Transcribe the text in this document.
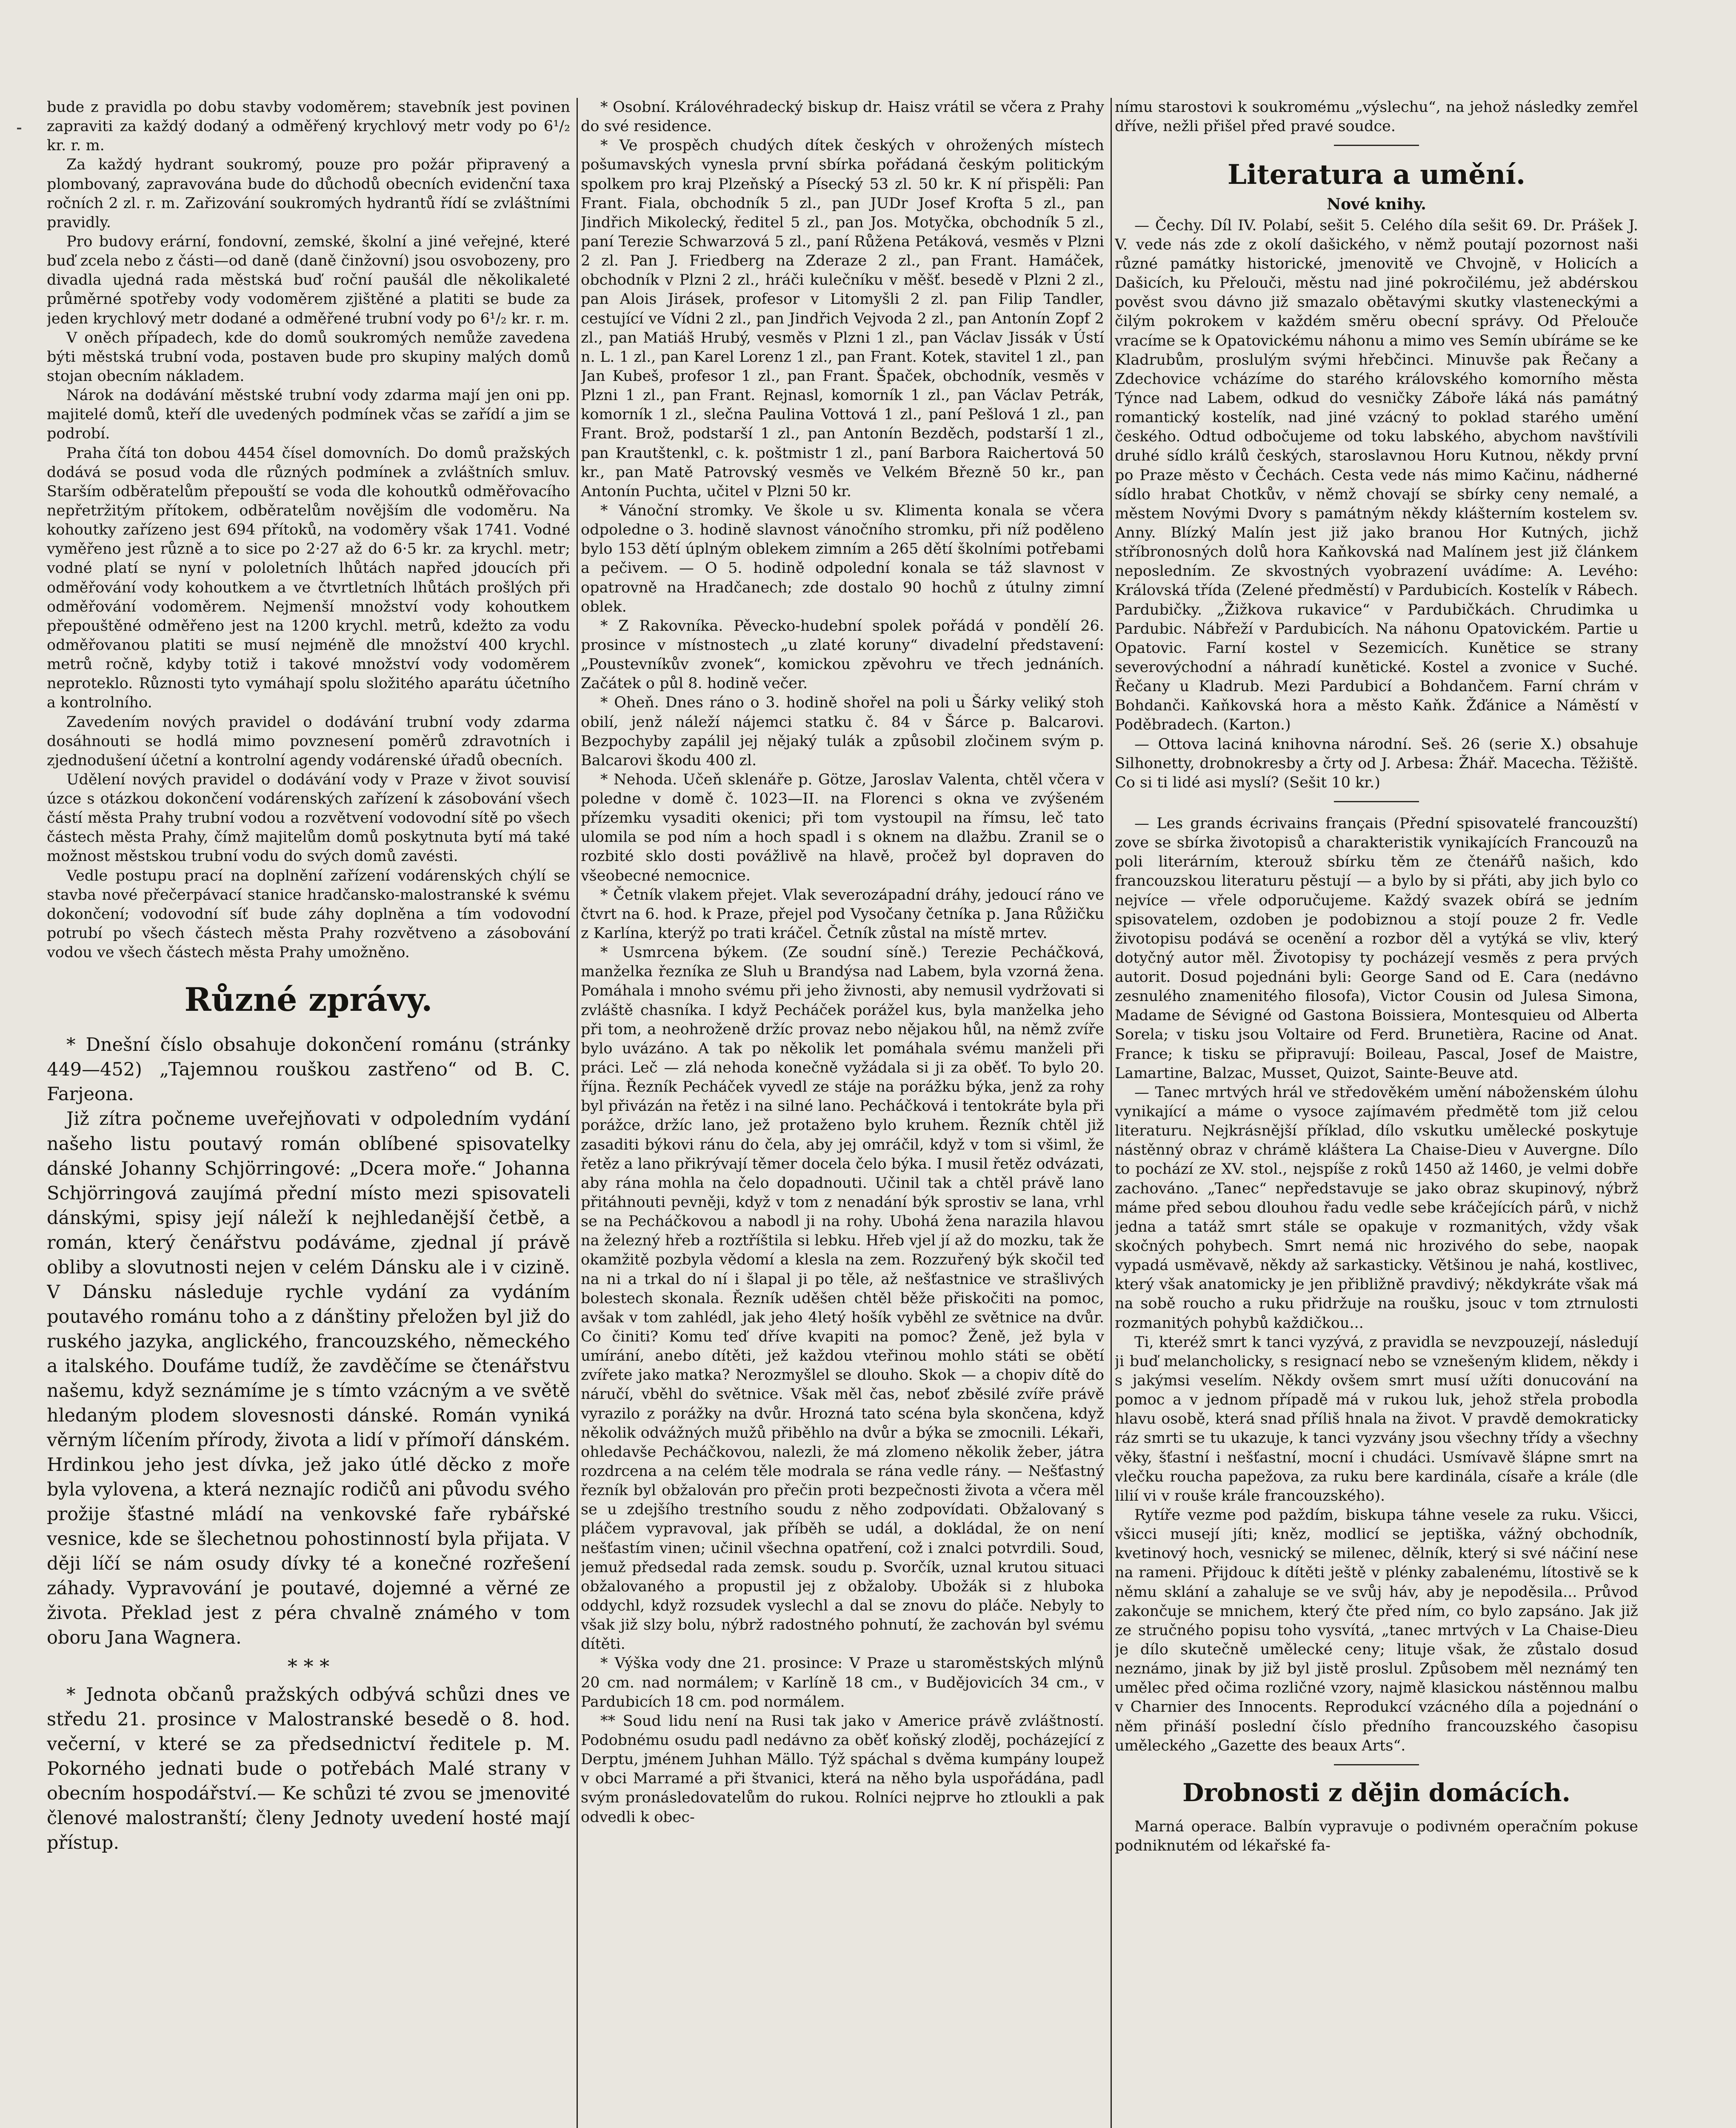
bude z pravidla po dobu stavby vodoměrem; stavebník jest povinen zapraviti za každý dodaný a odměřený krychlový metr vody po 6¹/₂ kr. r. m.

Za každý hydrant soukromý, pouze pro požár připravený a plombovaný, zapravována bude do důchodů obecních evidenční taxa ročních 2 zl. r. m. Zařizování soukromých hydrantů řídí se zvláštními pravidly.

Pro budovy erární, fondovní, zemské, školní a jiné veřejné, které buď zcela nebo z části—od daně (daně činžovní) jsou osvobozeny, pro divadla ujedná rada městská buď roční paušál dle několikaleté průměrné spotřeby vody vodoměrem zjištěné a platiti se bude za jeden krychlový metr dodané a odměřené trubní vody po 6¹/₂ kr. r. m.

V oněch případech, kde do domů soukromých nemůže zavedena býti městská trubní voda, postaven bude pro skupiny malých domů stojan obecním nákladem.

Nárok na dodávání městské trubní vody zdarma mají jen oni pp. majitelé domů, kteří dle uvedených podmínek včas se zařídí a jim se podrobí.

Praha čítá ton dobou 4454 čísel domovních. Do domů pražských dodává se posud voda dle různých podmínek a zvláštních smluv. Starším odběratelům přepouští se voda dle kohoutků odměřovacího nepřetržitým přítokem, odběratelům novějším dle vodoměru. Na kohoutky zařízeno jest 694 přítoků, na vodoměry však 1741. Vodné vyměřeno jest různě a to sice po 2·27 až do 6·5 kr. za krychl. metr; vodné platí se nyní v pololetních lhůtách napřed jdoucích při odměřování vody kohoutkem a ve čtvrtletních lhůtách prošlých při odměřování vodoměrem. Nejmenší množství vody kohoutkem přepouštěné odměřeno jest na 1200 krychl. metrů, kdežto za vodu odměřovanou platiti se musí nejméně dle množství 400 krychl. metrů ročně, kdyby totiž i takové množství vody vodoměrem neproteklo. Různosti tyto vymáhají spolu složitého aparátu účetního a kontrolního.

Zavedením nových pravidel o dodávání trubní vody zdarma dosáhnouti se hodlá mimo povznesení poměrů zdravotních i zjednodušení účetní a kontrolní agendy vodárenské úřadů obecních.

Udělení nových pravidel o dodávání vody v Praze v život souvisí úzce s otázkou dokončení vodárenských zařízení k zásobování všech částí města Prahy trubní vodou a rozvětvení vodovodní sítě po všech částech města Prahy, čímž majitelům domů poskytnuta bytí má také možnost městskou trubní vodu do svých domů zavésti.

Vedle postupu prací na doplnění zařízení vodárenských chýlí se stavba nové přečerpávací stanice hradčansko-malostranské k svému dokončení; vodovodní síť bude záhy doplněna a tím vodovodní potrubí po všech částech města Prahy rozvětveno a zásobování vodou ve všech částech města Prahy umožněno.

Různé zprávy.

* Dnešní číslo obsahuje dokončení románu (stránky 449—452) „Tajemnou rouškou zastřeno“ od B. C. Farjeona.

Již zítra počneme uveřejňovati v odpoledním vydání našeho listu poutavý román oblíbené spisovatelky dánské Johanny Schjörringové: „Dcera moře.“ Johanna Schjörringová zaujímá přední místo mezi spisovateli dánskými, spisy její náleží k nejhledanější četbě, a román, který čenářstvu podáváme, zjednal jí právě obliby a slovutnosti nejen v celém Dánsku ale i v cizině. V Dánsku následuje rychle vydání za vydáním poutavého románu toho a z dánštiny přeložen byl již do ruského jazyka, anglického, francouzského, německého a italského. Doufáme tudíž, že zavděčíme se čtenářstvu našemu, když seznámíme je s tímto vzácným a ve světě hledaným plodem slovesnosti dánské. Román vyniká věrným líčením přírody, života a lidí v přímoří dánském. Hrdinkou jeho jest dívka, jež jako útlé děcko z moře byla vylovena, a která neznajíc rodičů ani původu svého prožije šťastné mládí na venkovské faře rybářské vesnice, kde se šlechetnou pohostinností byla přijata. V ději líčí se nám osudy dívky té a konečné rozřešení záhady. Vypravování je poutavé, dojemné a věrné ze života. Překlad jest z péra chvalně známého v tom oboru Jana Wagnera.

* * *

* Jednota občanů pražských odbývá schůzi dnes ve středu 21. prosince v Malostranské besedě o 8. hod. večerní, v které se za předsednictví ředitele p. M. Pokorného jednati bude o potřebách Malé strany v obecním hospodářství.— Ke schůzi té zvou se jmenovité členové malostranští; členy Jednoty uvedení hosté mají přístup.

* Osobní. Královéhradecký biskup dr. Haisz vrátil se včera z Prahy do své residence.

* Ve prospěch chudých dítek českých v ohrožených místech pošumavských vynesla první sbírka pořádaná českým politickým spolkem pro kraj Plzeňský a Písecký 53 zl. 50 kr. K ní přispěli: Pan Frant. Fiala, obchodník 5 zl., pan JUDr Josef Krofta 5 zl., pan Jindřich Mikolecký, ředitel 5 zl., pan Jos. Motyčka, obchodník 5 zl., paní Terezie Schwarzová 5 zl., paní Růžena Petáková, vesměs v Plzni 2 zl. Pan J. Friedberg na Zderaze 2 zl., pan Frant. Hamáček, obchodník v Plzni 2 zl., hráči kulečníku v měšť. besedě v Plzni 2 zl., pan Alois Jirásek, profesor v Litomyšli 2 zl. pan Filip Tandler, cestující ve Vídni 2 zl., pan Jindřich Vejvoda 2 zl., pan Antonín Zopf 2 zl., pan Matiáš Hrubý, vesměs v Plzni 1 zl., pan Václav Jissák v Ústí n. L. 1 zl., pan Karel Lorenz 1 zl., pan Frant. Kotek, stavitel 1 zl., pan Jan Kubeš, profesor 1 zl., pan Frant. Špaček, obchodník, vesměs v Plzni 1 zl., pan Frant. Rejnasl, komorník 1 zl., pan Václav Petrák, komorník 1 zl., slečna Paulina Vottová 1 zl., paní Pešlová 1 zl., pan Frant. Brož, podstarší 1 zl., pan Antonín Bezděch, podstarší 1 zl., pan Krautštenkl, c. k. poštmistr 1 zl., paní Barbora Raichertová 50 kr., pan Matě Patrovský vesměs ve Velkém Březně 50 kr., pan Antonín Puchta, učitel v Plzni 50 kr.

* Vánoční stromky. Ve škole u sv. Klimenta konala se včera odpoledne o 3. hodině slavnost vánočního stromku, při níž poděleno bylo 153 dětí úplným oblekem zimním a 265 dětí školními potřebami a pečivem. — O 5. hodině odpolední konala se táž slavnost v opatrovně na Hradčanech; zde dostalo 90 hochů z útulny zimní oblek.

* Z Rakovníka. Pěvecko-hudební spolek pořádá v pondělí 26. prosince v místnostech „u zlaté koruny“ divadelní představení: „Poustevníkův zvonek“, komickou zpěvohru ve třech jednáních. Začátek o půl 8. hodině večer.

* Oheň. Dnes ráno o 3. hodině shořel na poli u Šárky veliký stoh obilí, jenž náleží nájemci statku č. 84 v Šárce p. Balcarovi. Bezpochyby zapálil jej nějaký tulák a způsobil zločinem svým p. Balcarovi škodu 400 zl.

* Nehoda. Učeň sklenáře p. Götze, Jaroslav Valenta, chtěl včera v poledne v domě č. 1023—II. na Florenci s okna ve zvýšeném přízemku vysaditi okenici; při tom vystoupil na římsu, leč tato ulomila se pod ním a hoch spadl i s oknem na dlažbu. Zranil se o rozbité sklo dosti povážlivě na hlavě, pročež byl dopraven do všeobecné nemocnice.

* Četník vlakem přejet. Vlak severozápadní dráhy, jedoucí ráno ve čtvrt na 6. hod. k Praze, přejel pod Vysočany četníka p. Jana Růžičku z Karlína, kterýž po trati kráčel. Četník zůstal na místě mrtev.

* Usmrcena býkem. (Ze soudní síně.) Terezie Pecháčková, manželka řezníka ze Sluh u Brandýsa nad Labem, byla vzorná žena. Pomáhala i mnoho svému při jeho živnosti, aby nemusil vydržovati si zvláště chasníka. I když Pecháček porážel kus, byla manželka jeho při tom, a neohroženě držíc provaz nebo nějakou hůl, na němž zvíře bylo uvázáno. A tak po několik let pomáhala svému manželi při práci. Leč — zlá nehoda konečně vyžádala si ji za oběť. To bylo 20. října. Řezník Pecháček vyvedl ze stáje na porážku býka, jenž za rohy byl přivázán na řetěz i na silné lano. Pecháčková i tentokráte byla při porážce, držíc lano, jež protaženo bylo kruhem. Řezník chtěl již zasaditi býkovi ránu do čela, aby jej omráčil, když v tom si všiml, že řetěz a lano přikrývají těmer docela čelo býka. I musil řetěz odvázati, aby rána mohla na čelo dopadnouti. Učinil tak a chtěl právě lano přitáhnouti pevněji, když v tom z nenadání býk sprostiv se lana, vrhl se na Pecháčkovou a nabodl ji na rohy. Ubohá žena narazila hlavou na železný hřeb a roztříštila si lebku. Hřeb vjel jí až do mozku, tak že okamžitě pozbyla vědomí a klesla na zem. Rozzuřený býk skočil teď na ni a trkal do ní i šlapal ji po těle, až nešťastnice ve strašlivých bolestech skonala. Řezník uděšen chtěl běže přiskočiti na pomoc, avšak v tom zahlédl, jak jeho 4letý hošík vyběhl ze světnice na dvůr. Co činiti? Komu teď dříve kvapiti na pomoc? Ženě, jež byla v umírání, anebo dítěti, jež každou vteřinou mohlo státi se obětí zvířete jako matka? Nerozmyšlel se dlouho. Skok — a chopiv dítě do náručí, vběhl do světnice. Však měl čas, neboť zběsilé zvíře právě vyrazilo z porážky na dvůr. Hrozná tato scéna byla skončena, když několik odvážných mužů přiběhlo na dvůr a býka se zmocnili. Lékaři, ohledavše Pecháčkovou, nalezli, že má zlomeno několik žeber, játra rozdrcena a na celém těle modrala se rána vedle rány. — Nešťastný řezník byl obžalován pro přečin proti bezpečnosti života a včera měl se u zdejšího trestního soudu z něho zodpovídati. Obžalovaný s pláčem vypravoval, jak příběh se udál, a dokládal, že on není nešťastím vinen; učinil všechna opatření, což i znalci potvrdili. Soud, jemuž předsedal rada zemsk. soudu p. Svorčík, uznal krutou situaci obžalovaného a propustil jej z obžaloby. Ubožák si z hluboka oddychl, když rozsudek vyslechl a dal se znovu do pláče. Nebyly to však již slzy bolu, nýbrž radostného pohnutí, že zachován byl svému dítěti.

* Výška vody dne 21. prosince: V Praze u staroměstských mlýnů 20 cm. nad normálem; v Karlíně 18 cm., v Budějovicích 34 cm., v Pardubicích 18 cm. pod normálem.

** Soud lidu není na Rusi tak jako v Americe právě zvláštností. Podobnému osudu padl nedávno za oběť koňský zloděj, pocházející z Derptu, jménem Juhhan Mällo. Týž spáchal s dvěma kumpány loupež v obci Marramé a při štvanici, která na něho byla uspořádána, padl svým pronásledovatelům do rukou. Rolníci nejprve ho ztloukli a pak odvedli k obec-

nímu starostovi k soukromému „výslechu“, na jehož následky zemřel dříve, nežli přišel před pravé soudce.

Literatura a umění.
Nové knihy.

— Čechy. Díl IV. Polabí, sešit 5. Celého díla sešit 69. Dr. Prášek J. V. vede nás zde z okolí dašického, v němž poutají pozornost naši různé památky historické, jmenovitě ve Chvojně, v Holicích a Dašicích, ku Přelouči, městu nad jiné pokročilému, jež abdérskou pověst svou dávno již smazalo obětavými skutky vlasteneckými a čilým pokrokem v každém směru obecní správy. Od Přelouče vracíme se k Opatovickému náhonu a mimo ves Semín ubíráme se ke Kladrubům, proslulým svými hřebčinci. Minuvše pak Řečany a Zdechovice vcházíme do starého královského komorního města Týnce nad Labem, odkud do vesničky Záboře láká nás památný romantický kostelík, nad jiné vzácný to poklad starého umění českého. Odtud odbočujeme od toku labského, abychom navštívili druhé sídlo králů českých, staroslavnou Horu Kutnou, někdy první po Praze město v Čechách. Cesta vede nás mimo Kačinu, nádherné sídlo hrabat Chotkův, v němž chovají se sbírky ceny nemalé, a městem Novými Dvory s památným někdy klášterním kostelem sv. Anny. Blízký Malín jest již jako branou Hor Kutných, jichž stříbronosných dolů hora Kaňkovská nad Malínem jest již článkem neposledním. Ze skvostných vyobrazení uvádíme: A. Levého: Královská třída (Zelené předměstí) v Pardubicích. Kostelík v Rábech. Pardubičky. „Žižkova rukavice“ v Pardubičkách. Chrudimka u Pardubic. Nábřeží v Pardubicích. Na náhonu Opatovickém. Partie u Opatovic. Farní kostel v Sezemicích. Kunětice se strany severovýchodní a náhradí kunětické. Kostel a zvonice v Suché. Řečany u Kladrub. Mezi Pardubicí a Bohdančem. Farní chrám v Bohdanči. Kaňkovská hora a město Kaňk. Žďánice a Náměstí v Poděbradech. (Karton.)

— Ottova laciná knihovna národní. Seš. 26 (serie X.) obsahuje Silhonetty, drobnokresby a črty od J. Arbesa: Žhář. Macecha. Těžiště. Co si ti lidé asi myslí? (Sešit 10 kr.)

— Les grands écrivains français (Přední spisovatelé francouzští) zove se sbírka životopisů a charakteristik vynikajících Francouzů na poli literárním, kterouž sbírku těm ze čtenářů našich, kdo francouzskou literaturu pěstují — a bylo by si přáti, aby jich bylo co nejvíce — vřele odporučujeme. Každý svazek obírá se jedním spisovatelem, ozdoben je podobiznou a stojí pouze 2 fr. Vedle životopisu podává se ocenění a rozbor děl a vytýká se vliv, který dotyčný autor měl. Životopisy ty pocházejí vesměs z pera prvých autorit. Dosud pojednáni byli: George Sand od E. Cara (nedávno zesnulého znamenitého filosofa), Victor Cousin od Julesa Simona, Madame de Sévigné od Gastona Boissiera, Montesquieu od Alberta Sorela; v tisku jsou Voltaire od Ferd. Brunetièra, Racine od Anat. France; k tisku se připravují: Boileau, Pascal, Josef de Maistre, Lamartine, Balzac, Musset, Quizot, Sainte-Beuve atd.

— Tanec mrtvých hrál ve středověkém umění náboženském úlohu vynikající a máme o vysoce zajímavém předmětě tom již celou literaturu. Nejkrásnější příklad, dílo vskutku umělecké poskytuje nástěnný obraz v chrámě kláštera La Chaise-Dieu v Auvergne. Dílo to pochází ze XV. stol., nejspíše z roků 1450 až 1460, je velmi dobře zachováno. „Tanec“ nepředstavuje se jako obraz skupinový, nýbrž máme před sebou dlouhou řadu vedle sebe kráčejících párů, v nichž jedna a tatáž smrt stále se opakuje v rozmanitých, vždy však skočných pohybech. Smrt nemá nic hrozivého do sebe, naopak vypadá usměvavě, někdy až sarkasticky. Většinou je nahá, kostlivec, který však anatomicky je jen přibližně pravdivý; někdykráte však má na sobě roucho a ruku přidržuje na roušku, jsouc v tom ztrnulosti rozmanitých pohybů každičkou...

Ti, kteréž smrt k tanci vyzývá, z pravidla se nevzpouzejí, následují ji buď melancholicky, s resignací nebo se vznešeným klidem, někdy i s jakýmsi veselím. Někdy ovšem smrt musí užíti donucování na pomoc a v jednom případě má v rukou luk, jehož střela probodla hlavu osobě, která snad příliš hnala na život. V pravdě demokraticky ráz smrti se tu ukazuje, k tanci vyzvány jsou všechny třídy a všechny věky, šťastní i nešťastní, mocní i chudáci. Usmívavě šlápne smrt na vlečku roucha papežova, za ruku bere kardinála, císaře a krále (dle lilií vi v rouše krále francouzského).

Rytíře vezme pod paždím, biskupa táhne vesele za ruku. Všicci, všicci musejí jíti; kněz, modlicí se jeptiška, vážný obchodník, kvetinový hoch, vesnický se milenec, dělník, který si své náčiní nese na rameni. Přijdouc k dítěti ještě v plénky zabalenému, lítostivě se k němu sklání a zahaluje se ve svůj háv, aby je nepoděsila... Průvod zakončuje se mnichem, který čte před ním, co bylo zapsáno. Jak již ze stručného popisu toho vysvítá, „tanec mrtvých v La Chaise-Dieu je dílo skutečně umělecké ceny; lituje však, že zůstalo dosud neznámo, jinak by již byl jistě proslul. Způsobem měl neznámý ten umělec před očima rozličné vzory, najmě klasickou nástěnnou malbu v Charnier des Innocents. Reprodukcí vzácného díla a pojednání o něm přináší poslední číslo předního francouzského časopisu uměleckého „Gazette des beaux Arts“.

Drobnosti z dějin domácích.

Marná operace. Balbín vypravuje o podivném operačním pokuse podniknutém od lékařské fa-
